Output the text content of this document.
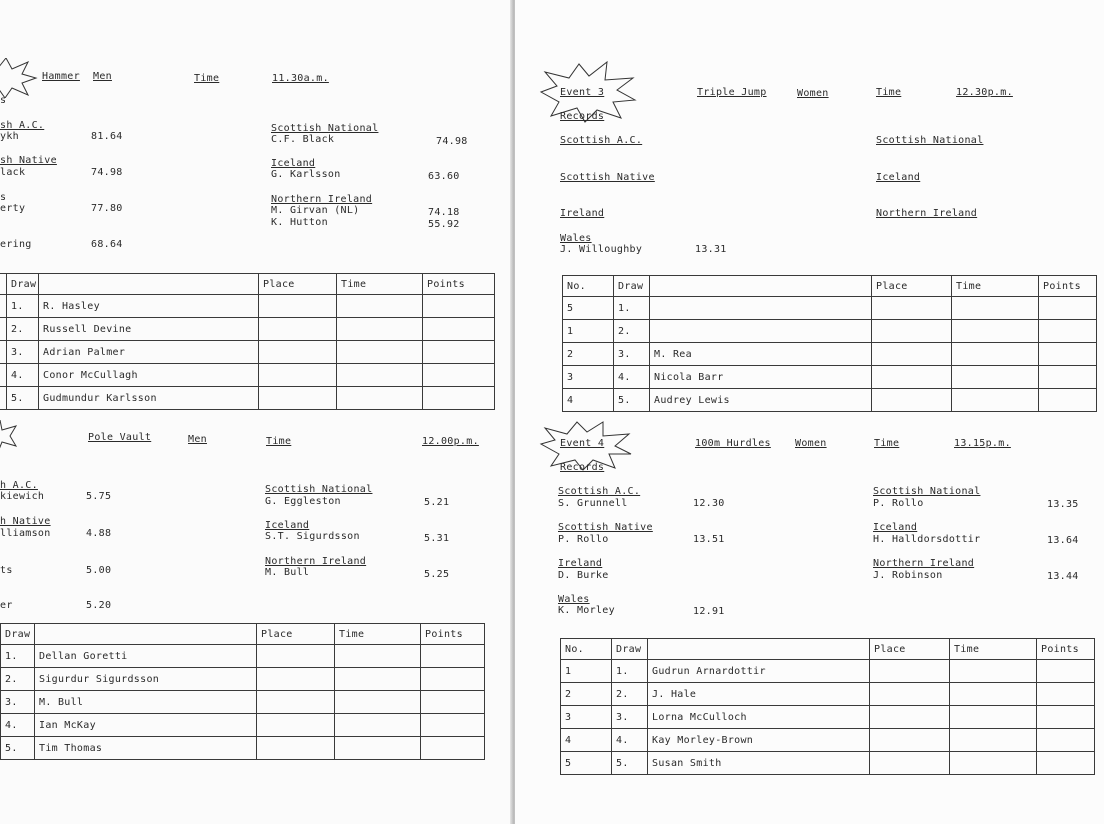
Hammer Men	Time	11.30a.m.
s
sh A.C.
ykh	81.64
sh Native
lack	74.98
s
erty	77.80
ering	68.64
Scottish National
C.F. Black	74.98
Iceland
G. Karlsson	63.60
Northern Ireland
M. Girvan (NL)	74.18
K. Hutton	55.92
	Draw		Place	Time	Points
	1.	R. Hasley			
	2.	Russell Devine			
	3.	Adrian Palmer			
	4.	Conor McCullagh			
	5.	Gudmundur Karlsson			
Pole Vault	Men	Time	12.00p.m.
h A.C.
kiewich	5.75
h Native
lliamson	4.88
ts	5.00
er	5.20
Scottish National
G. Eggleston	5.21
Iceland
S.T. Sigurdsson	5.31
Northern Ireland
M. Bull	5.25
	Draw		Place	Time	Points
	1.	Dellan Goretti			
	2.	Sigurdur Sigurdsson			
	3.	M. Bull			
	4.	Ian McKay			
	5.	Tim Thomas			
Event 3
Records
Triple Jump	Women	Time	12.30p.m.
Scottish A.C.	Scottish National
Scottish Native	Iceland
Ireland	Northern Ireland
Wales
J. Willoughby	13.31
No.	Draw		Place	Time	Points
5	1.				
1	2.				
2	3.	M. Rea			
3	4.	Nicola Barr			
4	5.	Audrey Lewis			
Event 4
Records
100m Hurdles Women	Time	13.15p.m.
Scottish A.C.
S. Grunnell	12.30
Scottish National
P. Rollo	13.35
Scottish Native
P. Rollo	13.51
Iceland
H. Halldorsdottir	13.64
Ireland
D. Burke
Northern Ireland
J. Robinson	13.44
Wales
K. Morley	12.91
No.	Draw		Place	Time	Points
1	1.	Gudrun Arnardottir			
2	2.	J. Hale			
3	3.	Lorna McCulloch			
4	4.	Kay Morley-Brown			
5	5.	Susan Smith			
